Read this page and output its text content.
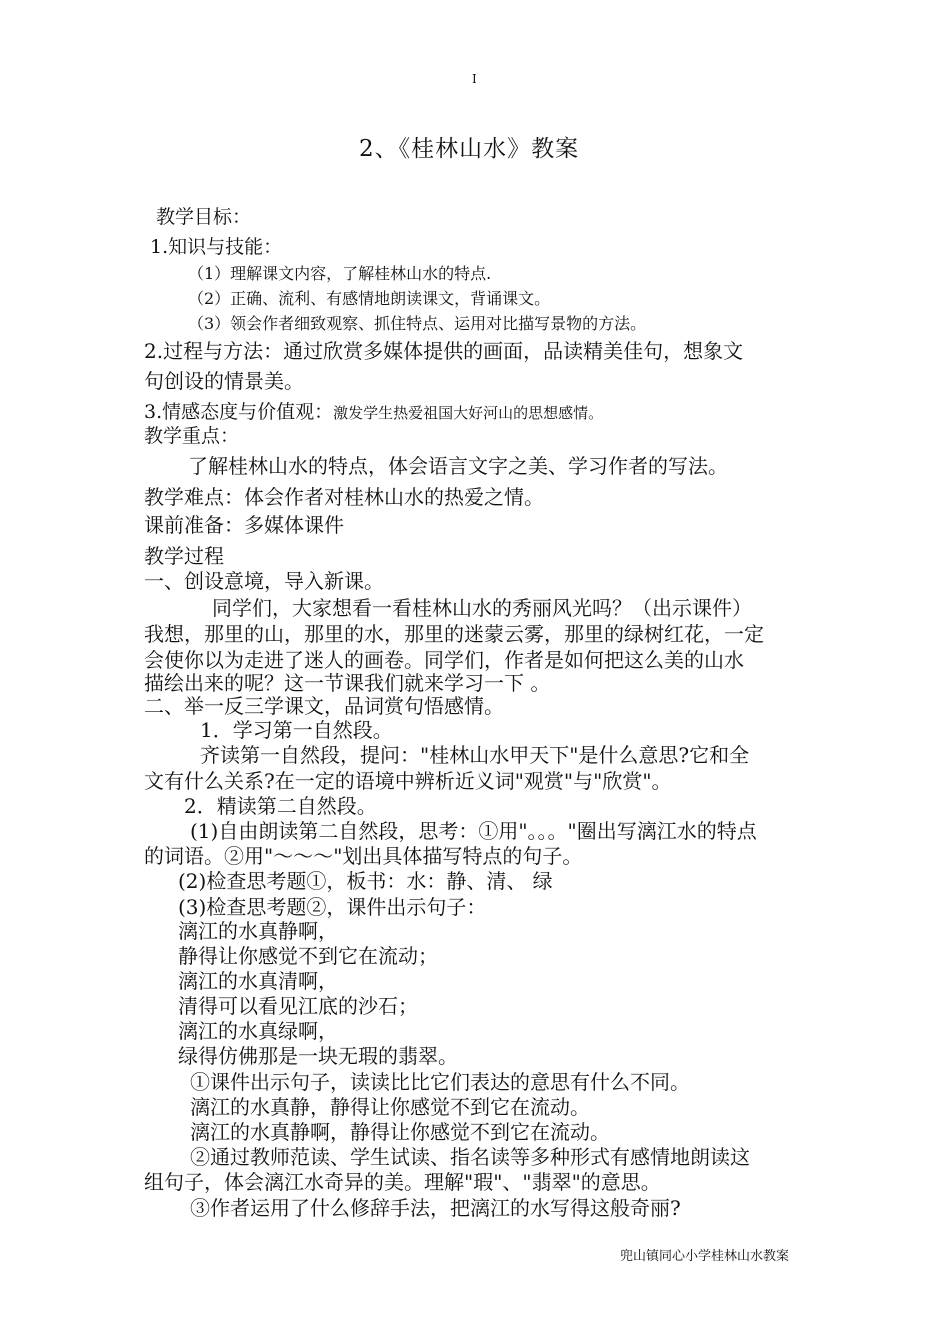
I
2、《桂林山水》教案
教学目标：
1.知识与技能：
（1）理解课文内容，了解桂林山水的特点.
（2）正确、流利、有感情地朗读课文，背诵课文。
（3）领会作者细致观察、抓住特点、运用对比描写景物的方法。
2.过程与方法：通过欣赏多媒体提供的画面，品读精美佳句，想象文
句创设的情景美。
3.情感态度与价值观：激发学生热爱祖国大好河山的思想感情。
教学重点：
了解桂林山水的特点，体会语言文字之美、学习作者的写法。
教学难点：体会作者对桂林山水的热爱之情。
课前准备：多媒体课件
教学过程
一、创设意境，导入新课。
同学们，大家想看一看桂林山水的秀丽风光吗？（出示课件）
我想，那里的山，那里的水，那里的迷蒙云雾，那里的绿树红花，一定
会使你以为走进了迷人的画卷。同学们，作者是如何把这么美的山水
描绘出来的呢？这一节课我们就来学习一下 。
二、举一反三学课文，品词赏句悟感情。
1．学习第一自然段。
齐读第一自然段，提问："桂林山水甲天下"是什么意思?它和全
文有什么关系?在一定的语境中辨析近义词"观赏"与"欣赏"。
2．精读第二自然段。
(1)自由朗读第二自然段，思考：①用"。。。"圈出写漓江水的特点
的词语。②用"～～～"划出具体描写特点的句子。
(2)检查思考题①，板书：水：静、清、 绿
(3)检查思考题②，课件出示句子：
漓江的水真静啊，
静得让你感觉不到它在流动；
漓江的水真清啊，
清得可以看见江底的沙石；
漓江的水真绿啊，
绿得仿佛那是一块无瑕的翡翠。
①课件出示句子，读读比比它们表达的意思有什么不同。
漓江的水真静，静得让你感觉不到它在流动。
漓江的水真静啊，静得让你感觉不到它在流动。
②通过教师范读、学生试读、指名读等多种形式有感情地朗读这
组句子，体会漓江水奇异的美。理解"瑕"、"翡翠"的意思。
③作者运用了什么修辞手法，把漓江的水写得这般奇丽?
兜山镇同心小学桂林山水教案
